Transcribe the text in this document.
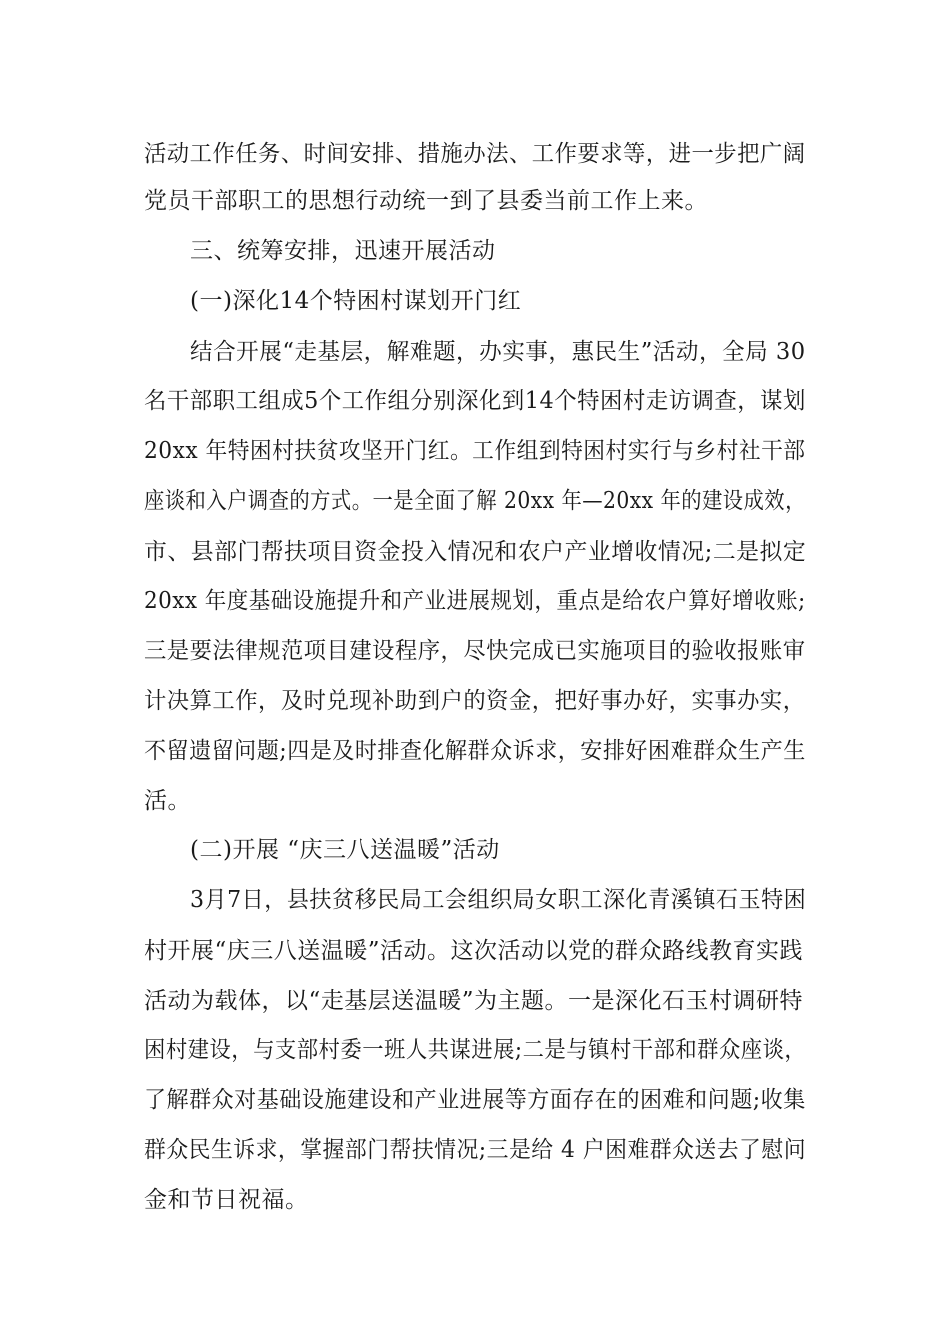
活动工作任务、时间安排、措施办法、工作要求等，进一步把广阔
党员干部职工的思想行动统一到了县委当前工作上来。
三、统筹安排，迅速开展活动
(一)深化14个特困村谋划开门红
结合开展“走基层，解难题，办实事，惠民生”活动，全局 30
名干部职工组成5个工作组分别深化到14个特困村走访调查，谋划
20xx 年特困村扶贫攻坚开门红。工作组到特困村实行与乡村社干部
座谈和入户调查的方式。一是全面了解 20xx 年—20xx 年的建设成效，
市、县部门帮扶项目资金投入情况和农户产业增收情况;二是拟定
20xx 年度基础设施提升和产业进展规划，重点是给农户算好增收账;
三是要法律规范项目建设程序，尽快完成已实施项目的验收报账审
计决算工作，及时兑现补助到户的资金，把好事办好，实事办实，
不留遗留问题;四是及时排查化解群众诉求，安排好困难群众生产生
活。
(二)开展 “庆三八送温暖”活动
3月7日，县扶贫移民局工会组织局女职工深化青溪镇石玉特困
村开展“庆三八送温暖”活动。这次活动以党的群众路线教育实践
活动为载体，以“走基层送温暖”为主题。一是深化石玉村调研特
困村建设，与支部村委一班人共谋进展;二是与镇村干部和群众座谈，
了解群众对基础设施建设和产业进展等方面存在的困难和问题;收集
群众民生诉求，掌握部门帮扶情况;三是给 4 户困难群众送去了慰问
金和节日祝福。
